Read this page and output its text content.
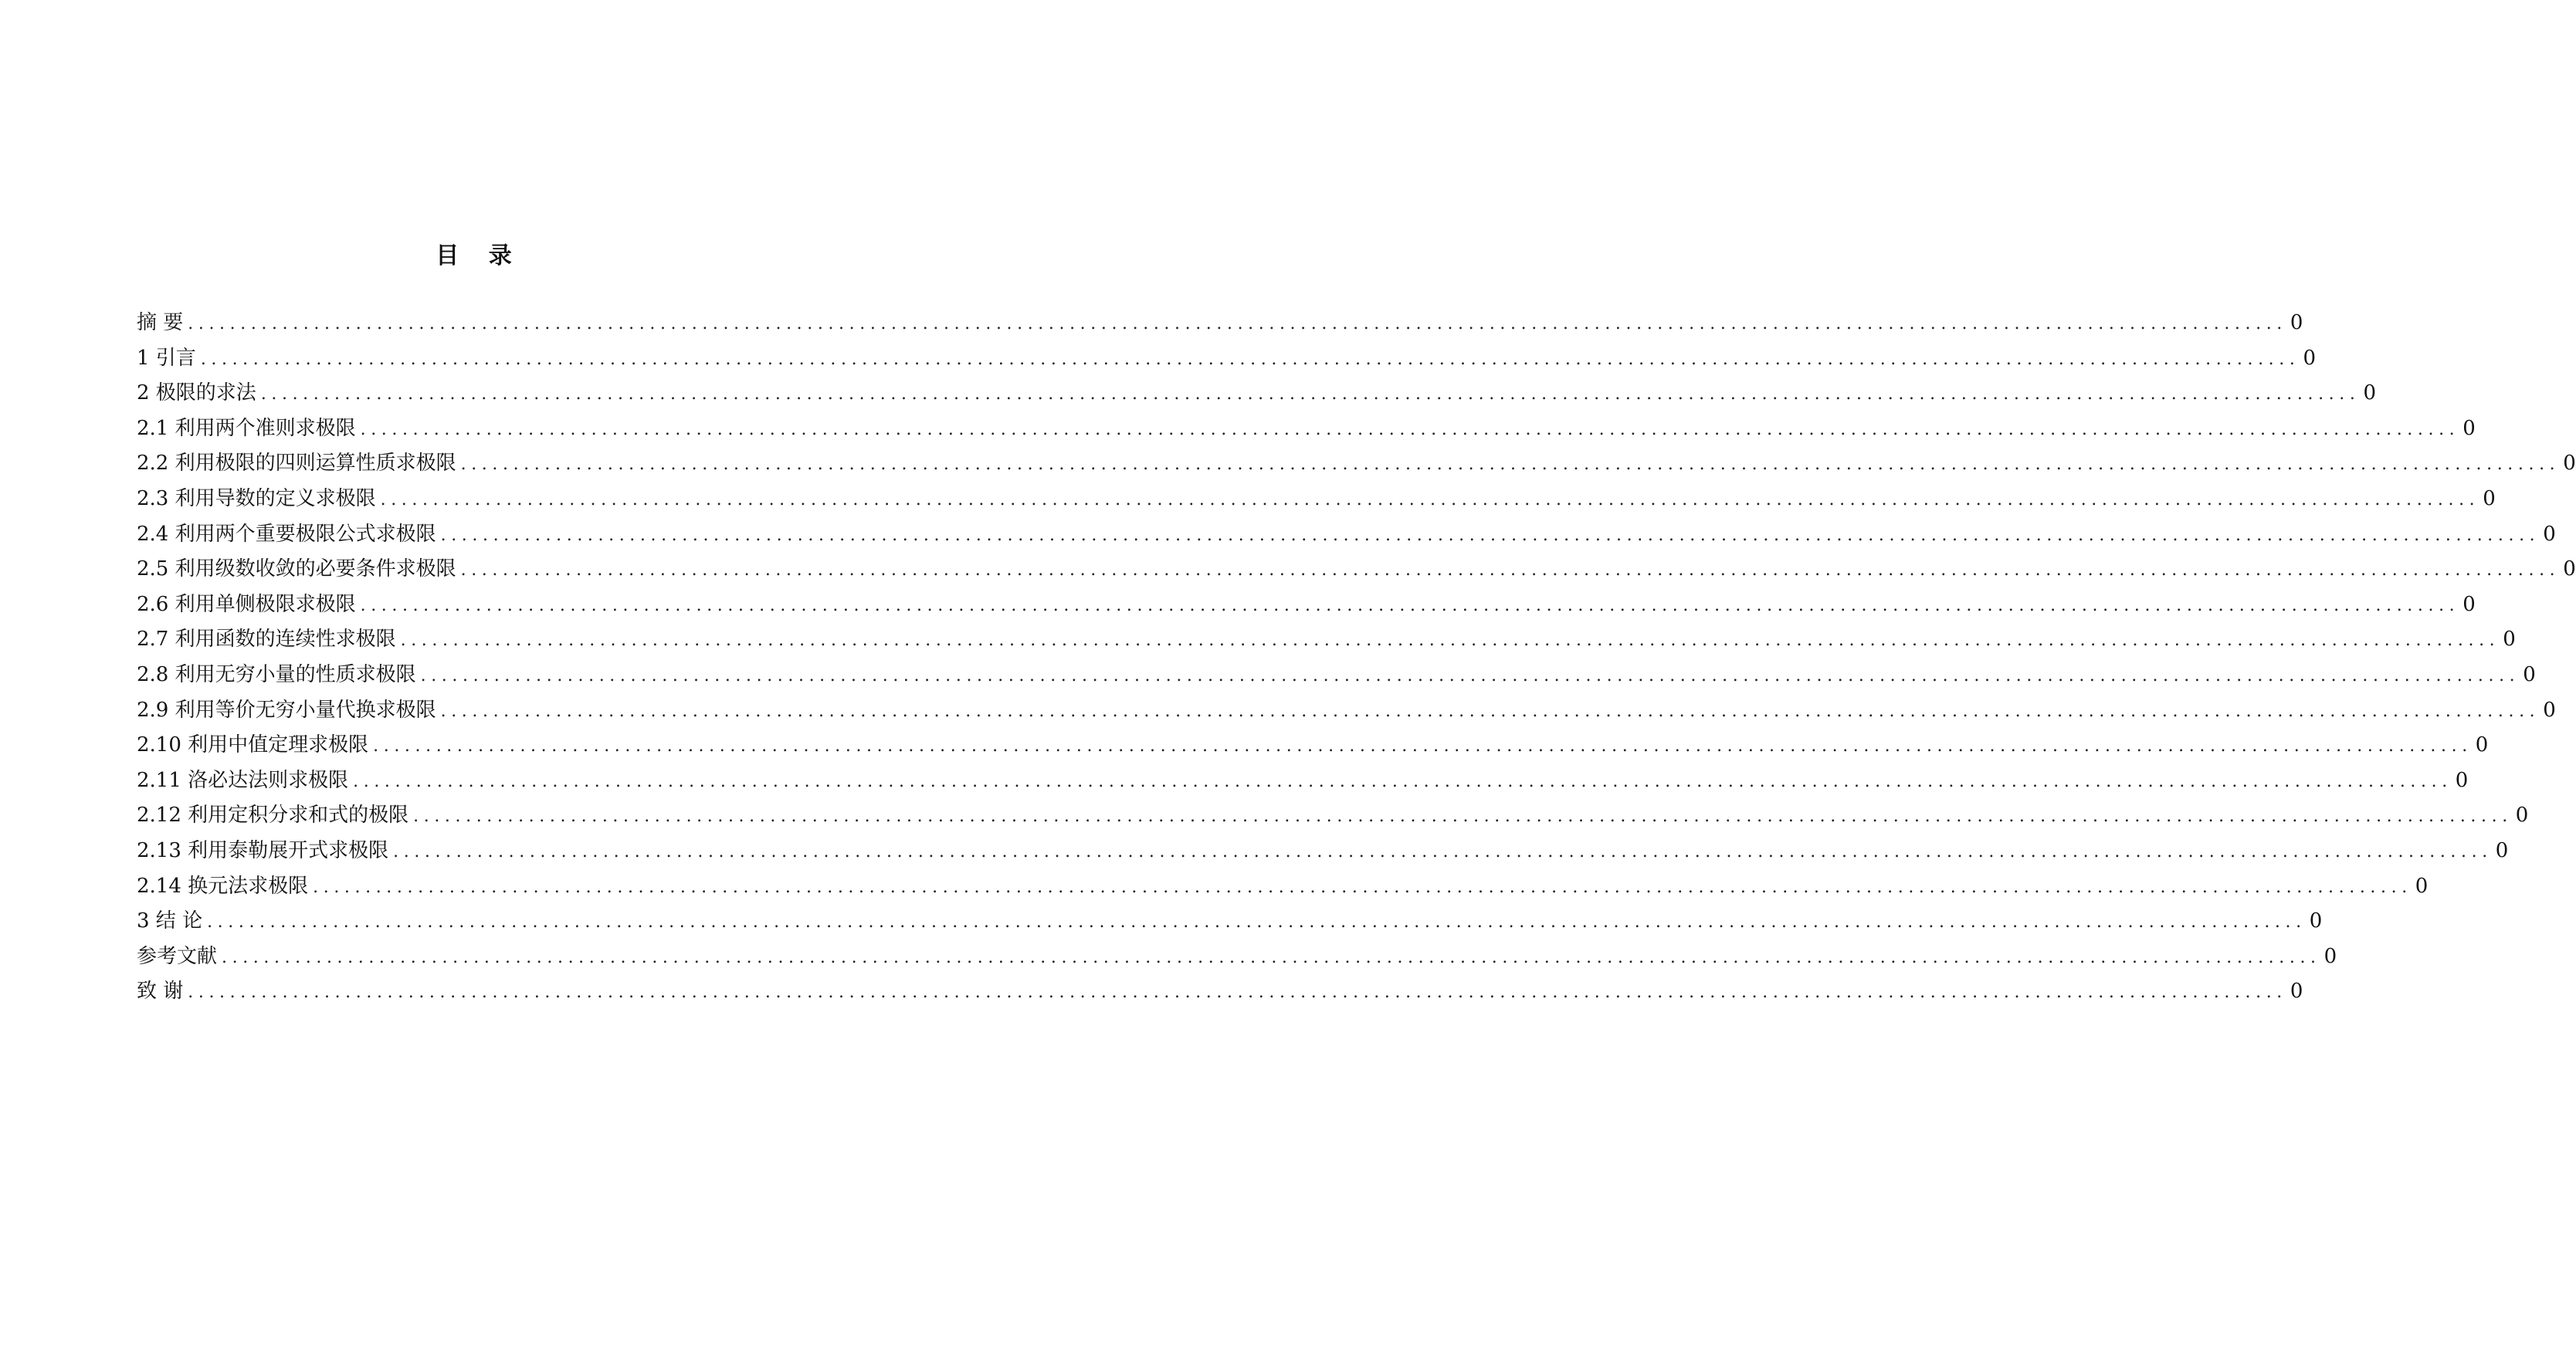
目 录
摘 要 ........................................................................................................................................................................................................ 0
1 引言 ........................................................................................................................................................................................................ 0
2 极限的求法 ........................................................................................................................................................................................................ 0
2.1 利用两个准则求极限 ........................................................................................................................................................................................................ 0
2.2 利用极限的四则运算性质求极限 ........................................................................................................................................................................................................ 0
2.3 利用导数的定义求极限 ........................................................................................................................................................................................................ 0
2.4 利用两个重要极限公式求极限 ........................................................................................................................................................................................................ 0
2.5 利用级数收敛的必要条件求极限 ........................................................................................................................................................................................................ 0
2.6 利用单侧极限求极限 ........................................................................................................................................................................................................ 0
2.7 利用函数的连续性求极限 ........................................................................................................................................................................................................ 0
2.8 利用无穷小量的性质求极限 ........................................................................................................................................................................................................ 0
2.9 利用等价无穷小量代换求极限 ........................................................................................................................................................................................................ 0
2.10 利用中值定理求极限 ........................................................................................................................................................................................................ 0
2.11 洛必达法则求极限 ........................................................................................................................................................................................................ 0
2.12 利用定积分求和式的极限 ........................................................................................................................................................................................................ 0
2.13 利用泰勒展开式求极限 ........................................................................................................................................................................................................ 0
2.14 换元法求极限 ........................................................................................................................................................................................................ 0
3 结 论 ........................................................................................................................................................................................................ 0
参考文献 ........................................................................................................................................................................................................ 0
致 谢 ........................................................................................................................................................................................................ 0
